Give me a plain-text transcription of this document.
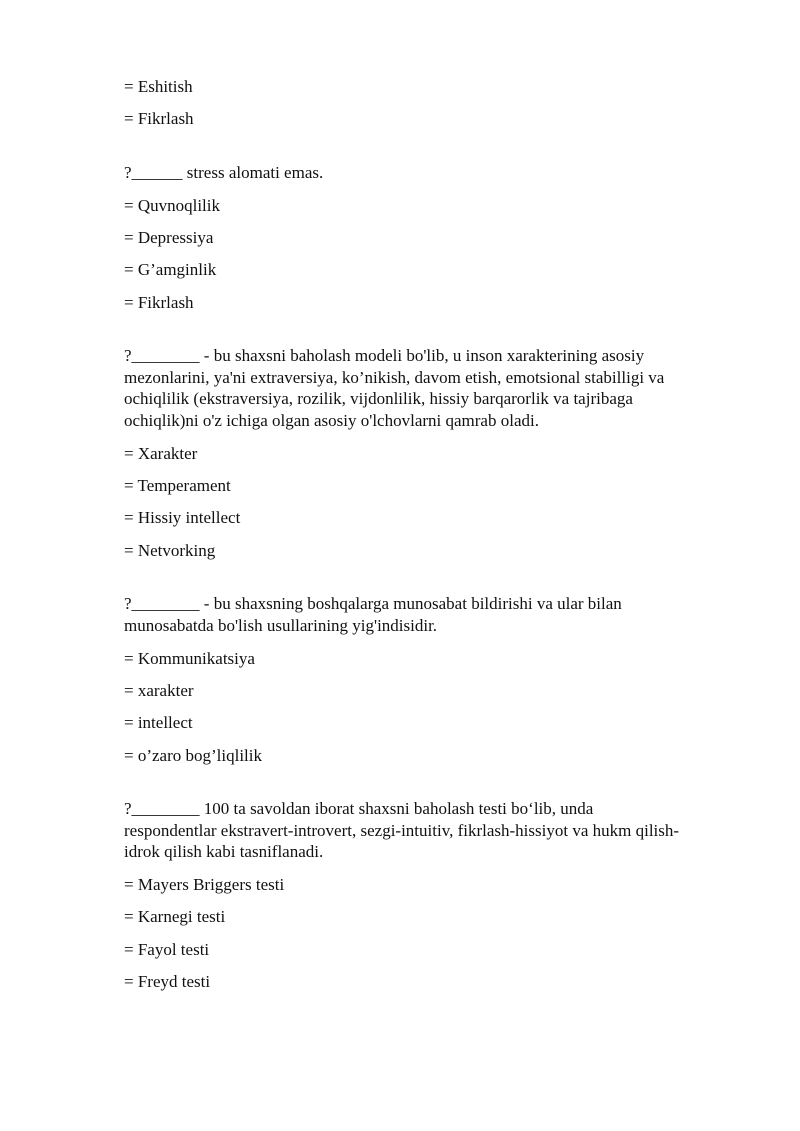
= Eshitish
= Fikrlash
?______ stress alomati emas.
= Quvnoqlilik
= Depressiya
= G’amginlik
= Fikrlash
?________ - bu shaxsni baholash modeli bo'lib, u inson xarakterining asosiy
mezonlarini, ya'ni extraversiya, ko’nikish, davom etish, emotsional stabilligi va
ochiqlilik (ekstraversiya, rozilik, vijdonlilik, hissiy barqarorlik va tajribaga
ochiqlik)ni o'z ichiga olgan asosiy o'lchovlarni qamrab oladi.
= Xarakter
= Temperament
= Hissiy intellect
= Netvorking
?________ - bu shaxsning boshqalarga munosabat bildirishi va ular bilan
munosabatda bo'lish usullarining yig'indisidir.
= Kommunikatsiya
= xarakter
= intellect
= o’zaro bog’liqlilik
?________ 100 ta savoldan iborat shaxsni baholash testi bo‘lib, unda
respondentlar ekstravert-introvert, sezgi-intuitiv, fikrlash-hissiyot va hukm qilish-
idrok qilish kabi tasniflanadi.
= Mayers Briggers testi
= Karnegi testi
= Fayol testi
= Freyd testi
